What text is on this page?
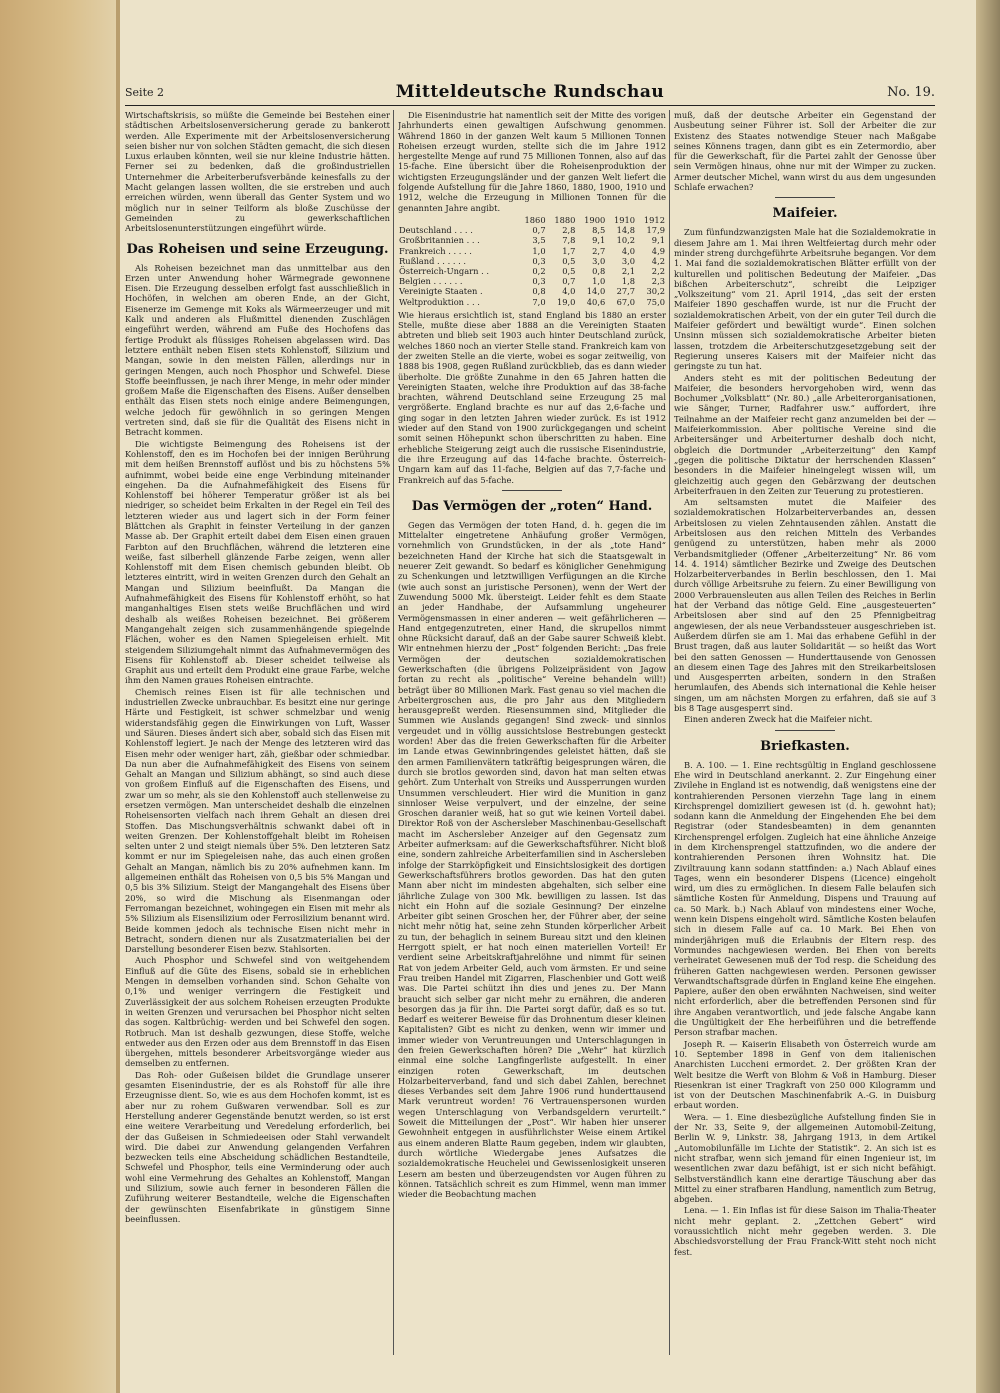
Seite 2	Mitteldeutsche Rundschau	No. 19.

Wirtschaftskrisis, so müßte die Gemeinde bei Bestehen einer städtischen Arbeitslosenversicherung gerade zu bankerott werden. Alle Experimente mit der Arbeitslosenversicherung seien bisher nur von solchen Städten gemacht, die sich diesen Luxus erlauben könnten, weil sie nur kleine Industrie hätten. Ferner sei zu bedenken, daß die großindustriellen Unternehmer die Arbeiterberufsverbände keinesfalls zu der Macht gelangen lassen wollten, die sie erstreben und auch erreichen würden, wenn überall das Genter System und wo möglich nur in seiner Teilform als bloße Zuschüsse der Gemeinden zu gewerkschaftlichen Arbeitslosenunterstützungen eingeführt würde.

Das Roheisen und seine Erzeugung.

Als Roheisen bezeichnet man das unmittelbar aus den Erzen unter Anwendung hoher Wärmegrade gewonnene Eisen. Die Erzeugung desselben erfolgt fast ausschließlich in Hochöfen, in welchen am oberen Ende, an der Gicht, Eisenerze im Gemenge mit Koks als Wärmeerzeuger und mit Kalk und anderen als Flußmittel dienenden Zuschlägen eingeführt werden, während am Fuße des Hochofens das fertige Produkt als flüssiges Roheisen abgelassen wird. Das letztere enthält neben Eisen stets Kohlenstoff, Silizium und Mangan, sowie in den meisten Fällen, allerdings nur in geringen Mengen, auch noch Phosphor und Schwefel. Diese Stoffe beeinflussen, je nach ihrer Menge, in mehr oder minder großem Maße die Eigenschaften des Eisens. Außer denselben enthält das Eisen stets noch einige andere Beimengungen, welche jedoch für gewöhnlich in so geringen Mengen vertreten sind, daß sie für die Qualität des Eisens nicht in Betracht kommen.

Die wichtigste Beimengung des Roheisens ist der Kohlenstoff, den es im Hochofen bei der innigen Berührung mit dem heißen Brennstoff auflöst und bis zu höchstens 5% aufnimmt, wobei beide eine enge Verbindung miteinander eingehen. Da die Aufnahmefähigkeit des Eisens für Kohlenstoff bei höherer Temperatur größer ist als bei niedriger, so scheidet beim Erkalten in der Regel ein Teil des letzteren wieder aus und lagert sich in der Form feiner Blättchen als Graphit in feinster Verteilung in der ganzen Masse ab. Der Graphit erteilt dabei dem Eisen einen grauen Farbton auf den Bruchflächen, während die letzteren eine weiße, fast silberhell glänzende Farbe zeigen, wenn aller Kohlenstoff mit dem Eisen chemisch gebunden bleibt. Ob letzteres eintritt, wird in weiten Grenzen durch den Gehalt an Mangan und Silizium beeinflußt. Da Mangan die Aufnahmefähigkeit des Eisens für Kohlenstoff erhöht, so hat manganhaltiges Eisen stets weiße Bruchflächen und wird deshalb als weißes Roheisen bezeichnet. Bei größerem Mangangehalt zeigen sich zusammenhängende spiegelnde Flächen, woher es den Namen Spiegeleisen erhielt. Mit steigendem Siliziumgehalt nimmt das Aufnahmevermögen des Eisens für Kohlenstoff ab. Dieser scheidet teilweise als Graphit aus und erteilt dem Produkt eine graue Farbe, welche ihm den Namen graues Roheisen eintrachte.

Chemisch reines Eisen ist für alle technischen und industriellen Zwecke unbrauchbar. Es besitzt eine nur geringe Härte und Festigkeit, ist schwer schmelzbar und wenig widerstandsfähig gegen die Einwirkungen von Luft, Wasser und Säuren. Dieses ändert sich aber, sobald sich das Eisen mit Kohlenstoff legiert. Je nach der Menge des letzteren wird das Eisen mehr oder weniger hart, zäh, gießbar oder schmiedbar. Da nun aber die Aufnahmefähigkeit des Eisens von seinem Gehalt an Mangan und Silizium abhängt, so sind auch diese von großem Einfluß auf die Eigenschaften des Eisens, und zwar um so mehr, als sie den Kohlenstoff auch stellenweise zu ersetzen vermögen. Man unterscheidet deshalb die einzelnen Roheisensorten vielfach nach ihrem Gehalt an diesen drei Stoffen. Das Mischungsverhältnis schwankt dabei oft in weiten Grenzen. Der Kohlenstoffgehalt bleibt im Roheisen selten unter 2 und steigt niemals über 5%. Den letzteren Satz kommt er nur im Spiegeleisen nahe, das auch einen großen Gehalt an Mangan, nämlich bis zu 20% aufnehmen kann. Im allgemeinen enthält das Roheisen von 0,5 bis 5% Mangan und 0,5 bis 3% Silizium. Steigt der Mangangehalt des Eisens über 20%, so wird die Mischung als Eisenmangan oder Ferromangan bezeichnet, wohingegen ein Eisen mit mehr als 5% Silizium als Eisensilizium oder Ferrosilizium benannt wird. Beide kommen jedoch als technische Eisen nicht mehr in Betracht, sondern dienen nur als Zusatzmaterialien bei der Darstellung besonderer Eisen bezw. Stahlsorten.

Auch Phosphor und Schwefel sind von weitgehendem Einfluß auf die Güte des Eisens, sobald sie in erheblichen Mengen in demselben vorhanden sind. Schon Gehalte von 0,1% und weniger verringern die Festigkeit und Zuverlässigkeit der aus solchem Roheisen erzeugten Produkte in weiten Grenzen und verursachen bei Phosphor nicht selten das sogen. Kaltbrüchig- werden und bei Schwefel den sogen. Rotbruch. Man ist deshalb gezwungen, diese Stoffe, welche entweder aus den Erzen oder aus dem Brennstoff in das Eisen übergehen, mittels besonderer Arbeitsvorgänge wieder aus demselben zu entfernen.

Das Roh- oder Gußeisen bildet die Grundlage unserer gesamten Eisenindustrie, der es als Rohstoff für alle ihre Erzeugnisse dient. So, wie es aus dem Hochofen kommt, ist es aber nur zu rohem Gußwaren verwendbar. Soll es zur Herstellung anderer Gegenstände benutzt werden, so ist erst eine weitere Verarbeitung und Veredelung erforderlich, bei der das Gußeisen in Schmiedeeisen oder Stahl verwandelt wird. Die dabei zur Anwendung gelangenden Verfahren bezwecken teils eine Abscheidung schädlichen Bestandteile, Schwefel und Phosphor, teils eine Verminderung oder auch wohl eine Vermehrung des Gehaltes an Kohlenstoff, Mangan und Silizium, sowie auch ferner in besonderen Fällen die Zuführung weiterer Bestandteile, welche die Eigenschaften der gewünschten Eisenfabrikate in günstigem Sinne beeinflussen.

Die Eisenindustrie hat namentlich seit der Mitte des vorigen Jahrhunderts einen gewaltigen Aufschwung genommen. Während 1860 in der ganzen Welt kaum 5 Millionen Tonnen Roheisen erzeugt wurden, stellte sich die im Jahre 1912 hergestellte Menge auf rund 75 Millionen Tonnen, also auf das 15-fache. Eine übersicht über die Roheisenproduktion der wichtigsten Erzeugungsländer und der ganzen Welt liefert die folgende Aufstellung für die Jahre 1860, 1880, 1900, 1910 und 1912, welche die Erzeugung in Millionen Tonnen für die genannten Jahre angibt.

	1860	1880	1900	1910	1912
Deutschland . . . .	0,7	2,8	8,5	14,8	17,9
Großbritannien . . .	3,5	7,8	9,1	10,2	9,1
Frankreich . . . . .	1,0	1,7	2,7	4,0	4,9
Rußland . . . . . .	0,3	0,5	3,0	3,0	4,2
Österreich-Ungarn . .	0,2	0,5	0,8	2,1	2,2
Belgien . . . . . .	0,3	0,7	1,0	1,8	2,3
Vereinigte Staaten .	0,8	4,0	14,0	27,7	30,2
Weltproduktion . . .	7,0	19,0	40,6	67,0	75,0

Wie hieraus ersichtlich ist, stand England bis 1880 an erster Stelle, mußte diese aber 1888 an die Vereinigten Staaten abtreten und blieb seit 1903 auch hinter Deutschland zurück, welches 1860 noch an vierter Stelle stand. Frankreich kam von der zweiten Stelle an die vierte, wobei es sogar zeitweilig, von 1888 bis 1908, gegen Rußland zurückblieb, das es dann wieder überholte. Die größte Zunahme in den 65 Jahren hatten die Vereinigten Staaten, welche ihre Produktion auf das 38-fache brachten, während Deutschland seine Erzeugung 25 mal vergrößerte. England brachte es nur auf das 2,6-fache und ging sogar in den letzten Jahren wieder zurück. Es ist 1912 wieder auf den Stand von 1900 zurückgegangen und scheint somit seinen Höhepunkt schon überschritten zu haben. Eine erhebliche Steigerung zeigt auch die russische Eisenindustrie, die ihre Erzeugung auf das 14-fache brachte. Österreich-Ungarn kam auf das 11-fache, Belgien auf das 7,7-fache und Frankreich auf das 5-fache.

Das Vermögen der „roten“ Hand.

Gegen das Vermögen der toten Hand, d. h. gegen die im Mittelalter eingetretene Anhäufung großer Vermögen, vornehmlich von Grundstücken, in der als „tote Hand“ bezeichneten Hand der Kirche hat sich die Staatsgewalt in neuerer Zeit gewandt. So bedarf es königlicher Genehmigung zu Schenkungen und letztwilligen Verfügungen an die Kirche (wie auch sonst an juristische Personen), wenn der Wert der Zuwendung 5000 Mk. übersteigt. Leider fehlt es dem Staate an jeder Handhabe, der Aufsammlung ungeheurer Vermögensmassen in einer anderen — weit gefährlicheren — Hand entgegenzutreten, einer Hand, die skrupellos nimmt ohne Rücksicht darauf, daß an der Gabe saurer Schweiß klebt. Wir entnehmen hierzu der „Post“ folgenden Bericht: „Das freie Vermögen der deutschen sozialdemokratischen Gewerkschaften (die übrigens Polizeipräsident von Jagow fortan zu recht als „politische“ Vereine behandeln will!) beträgt über 80 Millionen Mark. Fast genau so viel machen die Arbeitergroschen aus, die pro Jahr aus den Mitgliedern herausgepreßt werden. Riesensummen sind, Mitglieder die Summen wie Auslands gegangen! Sind zweck- und sinnlos vergeudet und in völlig aussichtslose Bestrebungen gesteckt worden! Aber das die freien Gewerkschaften für die Arbeiter im Lande etwas Gewinnbringendes geleistet hätten, daß sie den armen Familienvätern tatkräftig beigesprungen wären, die durch sie brotlos geworden sind, davon hat man selten etwas gehört. Zum Unterhalt von Streiks und Aussperrungen wurden Unsummen verschleudert. Hier wird die Munition in ganz sinnloser Weise verpulvert, und der einzelne, der seine Groschen daranier weiß, hat so gut wie keinen Vorteil dabei. Direktor Roß von der Aschersleber Maschinenbau-Gesellschaft macht im Aschersleber Anzeiger auf den Gegensatz zum Arbeiter aufmerksam: auf die Gewerkschaftsführer. Nicht bloß eine, sondern zahlreiche Arbeiterfamilien sind in Aschersleben infolge der Starrköpfigkeit und Einsichtslosigkeit des dortigen Gewerkschaftsführers brotlos geworden. Das hat den guten Mann aber nicht im mindesten abgehalten, sich selber eine jährliche Zulage von 300 Mk. bewilligen zu lassen. Ist das nicht ein Hohn auf die soziale Gesinnung? Der einzelne Arbeiter gibt seinen Groschen her, der Führer aber, der seine nicht mehr nötig hat, seine zehn Stunden körperlicher Arbeit zu tun, der behaglich in seinem Bureau sitzt und den kleinen Herrgott spielt, er hat noch einen materiellen Vorteil! Er verdient seine Arbeitskraftjahrelöhne und nimmt für seinen Rat von jedem Arbeiter Geld, auch vom ärmsten. Er und seine Frau treiben Handel mit Zigarren, Flaschenbier und Gott weiß was. Die Partei schützt ihn dies und jenes zu. Der Mann braucht sich selber gar nicht mehr zu ernähren, die anderen besorgen das ja für ihn. Die Partei sorgt dafür, daß es so tut. Bedarf es weiterer Beweise für das Drohnentum dieser kleinen Kapitalisten? Gibt es nicht zu denken, wenn wir immer und immer wieder von Veruntreuungen und Unterschlagungen in den freien Gewerkschaften hören? Die „Wehr“ hat kürzlich einmal eine solche Langfingerliste aufgestellt. In einer einzigen roten Gewerkschaft, im deutschen Holzarbeiterverband, fand und sich dabei Zahlen, berechnet dieses Verbandes seit dem Jahre 1906 rund hunderttausend Mark veruntreut worden! 76 Vertrauenspersonen wurden wegen Unterschlagung von Verbandsgeldern verurteilt.“ Soweit die Mitteilungen der „Post“. Wir haben hier unserer Gewohnheit entgegen in ausführlichster Weise einem Artikel aus einem anderen Blatte Raum gegeben, indem wir glaubten, durch wörtliche Wiedergabe jenes Aufsatzes die sozialdemokratische Heuchelei und Gewissenlosigkeit unseren Lesern am besten und überzeugendsten vor Augen führen zu können. Tatsächlich schreit es zum Himmel, wenn man immer wieder die Beobachtung machen

muß, daß der deutsche Arbeiter ein Gegenstand der Ausbeutung seiner Führer ist. Soll der Arbeiter die zur Existenz des Staates notwendige Steuer nach Maßgabe seines Könnens tragen, dann gibt es ein Zetermordio, aber für die Gewerkschaft, für die Partei zahlt der Genosse über sein Vermögen hinaus, ohne nur mit der Wimper zu zucken. Armer deutscher Michel, wann wirst du aus dem ungesunden Schlafe erwachen?

Maifeier.

Zum fünfundzwanzigsten Male hat die Sozialdemokratie in diesem Jahre am 1. Mai ihren Weltfeiertag durch mehr oder minder streng durchgeführte Arbeitsruhe begangen. Vor dem 1. Mai fand die sozialdemokratischen Blätter erfüllt von der kulturellen und politischen Bedeutung der Maifeier. „Das bißchen Arbeiterschutz“, schreibt die Leipziger „Volkszeitung“ vom 21. April 1914, „das seit der ersten Maifeier 1890 geschaffen wurde, ist nur die Frucht der sozialdemokratischen Arbeit, von der ein guter Teil durch die Maifeier gefördert und bewältigt wurde“. Einen solchen Unsinn müssen sich sozialdemokratische Arbeiter bieten lassen, trotzdem die Arbeiterschutzgesetzgebung seit der Regierung unseres Kaisers mit der Maifeier nicht das geringste zu tun hat.

Anders steht es mit der politischen Bedeutung der Maifeier, die besonders hervorgehoben wird, wenn das Bochumer „Volksblatt“ (Nr. 80.) „alle Arbeiterorganisationen, wie Sänger, Turner, Radfahrer usw.“ auffordert, ihre Teilnahme an der Maifeier recht ganz anzumelden bei der — Maifeierkommission. Aber politische Vereine sind die Arbeitersänger und Arbeiterturner deshalb doch nicht, obgleich die Dortmunder „Arbeiterzeitung“ den Kampf „gegen die politische Diktatur der herrschenden Klassen“ besonders in die Maifeier hineingelegt wissen will, um gleichzeitig auch gegen den Gebärzwang der deutschen Arbeiterfrauen in den Zeiten zur Teuerung zu protestieren.

Am seltsamsten mutet die Maifeier des sozialdemokratischen Holzarbeiterverbandes an, dessen Arbeitslosen zu vielen Zehntausenden zählen. Anstatt die Arbeitslosen aus den reichen Mitteln des Verbandes genügend zu unterstützen, haben mehr als 2000 Verbandsmitglieder (Offener „Arbeiterzeitung“ Nr. 86 vom 14. 4. 1914) sämtlicher Bezirke und Zweige des Deutschen Holzarbeiterverbandes in Berlin beschlossen, den 1. Mai durch völlige Arbeitsruhe zu feiern. Zu einer Bewilligung von 2000 Verbrauensleuten aus allen Teilen des Reiches in Berlin hat der Verband das nötige Geld. Eine „ausgesteuerten“ Arbeitslosen aber sind auf den 25 Pfennigbeitrag angewiesen, der als neue Verbandssteuer ausgeschrieben ist. Außerdem dürfen sie am 1. Mai das erhabene Gefühl in der Brust tragen, daß aus lauter Solidarität — so heißt das Wort bei den satten Genossen — Hunderttausende von Genossen an diesem einen Tage des Jahres mit den Streikarbeitslosen und Ausgesperrten arbeiten, sondern in den Straßen herumlaufen, des Abends sich international die Kehle heiser singen, um am nächsten Morgen zu erfahren, daß sie auf 3 bis 8 Tage ausgesperrt sind.

Einen anderen Zweck hat die Maifeier nicht.

Briefkasten.

B. A. 100. — 1. Eine rechtsgültig in England geschlossene Ehe wird in Deutschland anerkannt. 2. Zur Eingehung einer Zivilehe in England ist es notwendig, daß wenigstens eine der kontrahierenden Personen vierzehn Tage lang in einem Kirchsprengel domiziliert gewesen ist (d. h. gewohnt hat); sodann kann die Anmeldung der Eingehenden Ehe bei dem Registrar (oder Standesbeamten) in dem genannten Kirchensprengel erfolgen. Zugleich hat eine ähnliche Anzeige in dem Kirchensprengel stattzufinden, wo die andere der kontrahierenden Personen ihren Wohnsitz hat. Die Ziviltrauung kann sodann stattfinden: a.) Nach Ablauf eines Tages, wenn ein besonderer Dispens (Licence) eingeholt wird, um dies zu ermöglichen. In diesem Falle belaufen sich sämtliche Kosten für Anmeldung, Dispens und Trauung auf ca. 50 Mark. b.) Nach Ablauf von mindestens einer Woche, wenn kein Dispens eingeholt wird. Sämtliche Kosten belaufen sich in diesem Falle auf ca. 10 Mark. Bei Ehen von minderjährigen muß die Erlaubnis der Eltern resp. des Vormundes nachgewiesen werden. Bei Ehen von bereits verheiratet Gewesenen muß der Tod resp. die Scheidung des früheren Gatten nachgewiesen werden. Personen gewisser Verwandtschaftsgrade dürfen in England keine Ehe eingehen. Papiere, außer den oben erwähnten Nachweisen, sind weiter nicht erforderlich, aber die betreffenden Personen sind für ihre Angaben verantwortlich, und jede falsche Angabe kann die Ungültigkeit der Ehe herbeiführen und die betreffende Person strafbar machen.

Joseph R. — Kaiserin Elisabeth von Österreich wurde am 10. September 1898 in Genf von dem italienischen Anarchisten Luccheni ermordet. 2. Der größten Kran der Welt besitze die Werft von Blohm & Voß in Hamburg. Dieser Riesenkran ist einer Tragkraft von 250 000 Kilogramm und ist von der Deutschen Maschinenfabrik A.-G. in Duisburg erbaut worden.

Wera. — 1. Eine diesbezügliche Aufstellung finden Sie in der Nr. 33, Seite 9, der allgemeinen Automobil-Zeitung, Berlin W. 9, Linkstr. 38, Jahrgang 1913, in dem Artikel „Automobilunfälle im Lichte der Statistik“. 2. An sich ist es nicht strafbar, wenn sich jemand für einen Ingenieur ist, im wesentlichen zwar dazu befähigt, ist er sich nicht befähigt. Selbstverständlich kann eine derartige Täuschung aber das Mittel zu einer strafbaren Handlung, namentlich zum Betrug, abgeben.

Lena. — 1. Ein Inflas ist für diese Saison im Thalia-Theater nicht mehr geplant. 2. „Zettchen Gebert“ wird voraussichtlich nicht mehr gegeben werden. 3. Die Abschiedsvorstellung der Frau Franck-Witt steht noch nicht fest.
